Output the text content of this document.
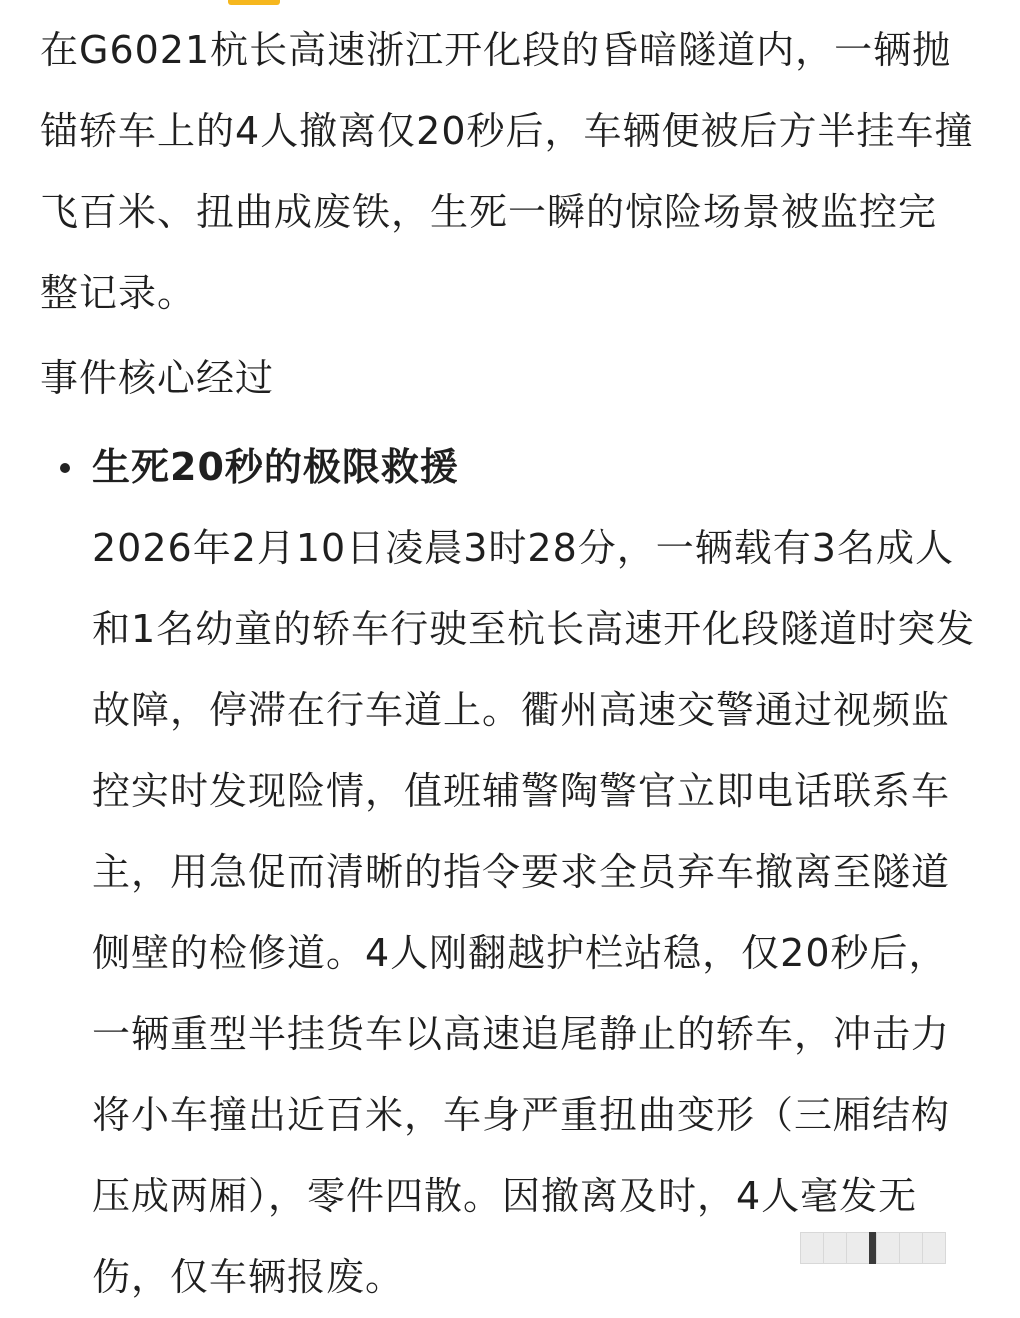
在G6021杭长高速浙江开化段的昏暗隧道内，一辆抛锚轿车上的4人撤离仅20秒后，车辆便被后方半挂车撞飞百米、扭曲成废铁，生死一瞬的惊险场景被监控完整记录。

事件核心经过
生死20秒的极限救援
2026年2月10日凌晨3时28分，一辆载有3名成人和1名幼童的轿车行驶至杭长高速开化段隧道时突发故障，停滞在行车道上。衢州高速交警通过视频监控实时发现险情，值班辅警陶警官立即电话联系车主，用急促而清晰的指令要求全员弃车撤离至隧道侧壁的检修道。4人刚翻越护栏站稳，仅20秒后，一辆重型半挂货车以高速追尾静止的轿车，冲击力将小车撞出近百米，车身严重扭曲变形（三厢结构压成两厢），零件四散。因撤离及时，4人毫发无伤，仅车辆报废。
